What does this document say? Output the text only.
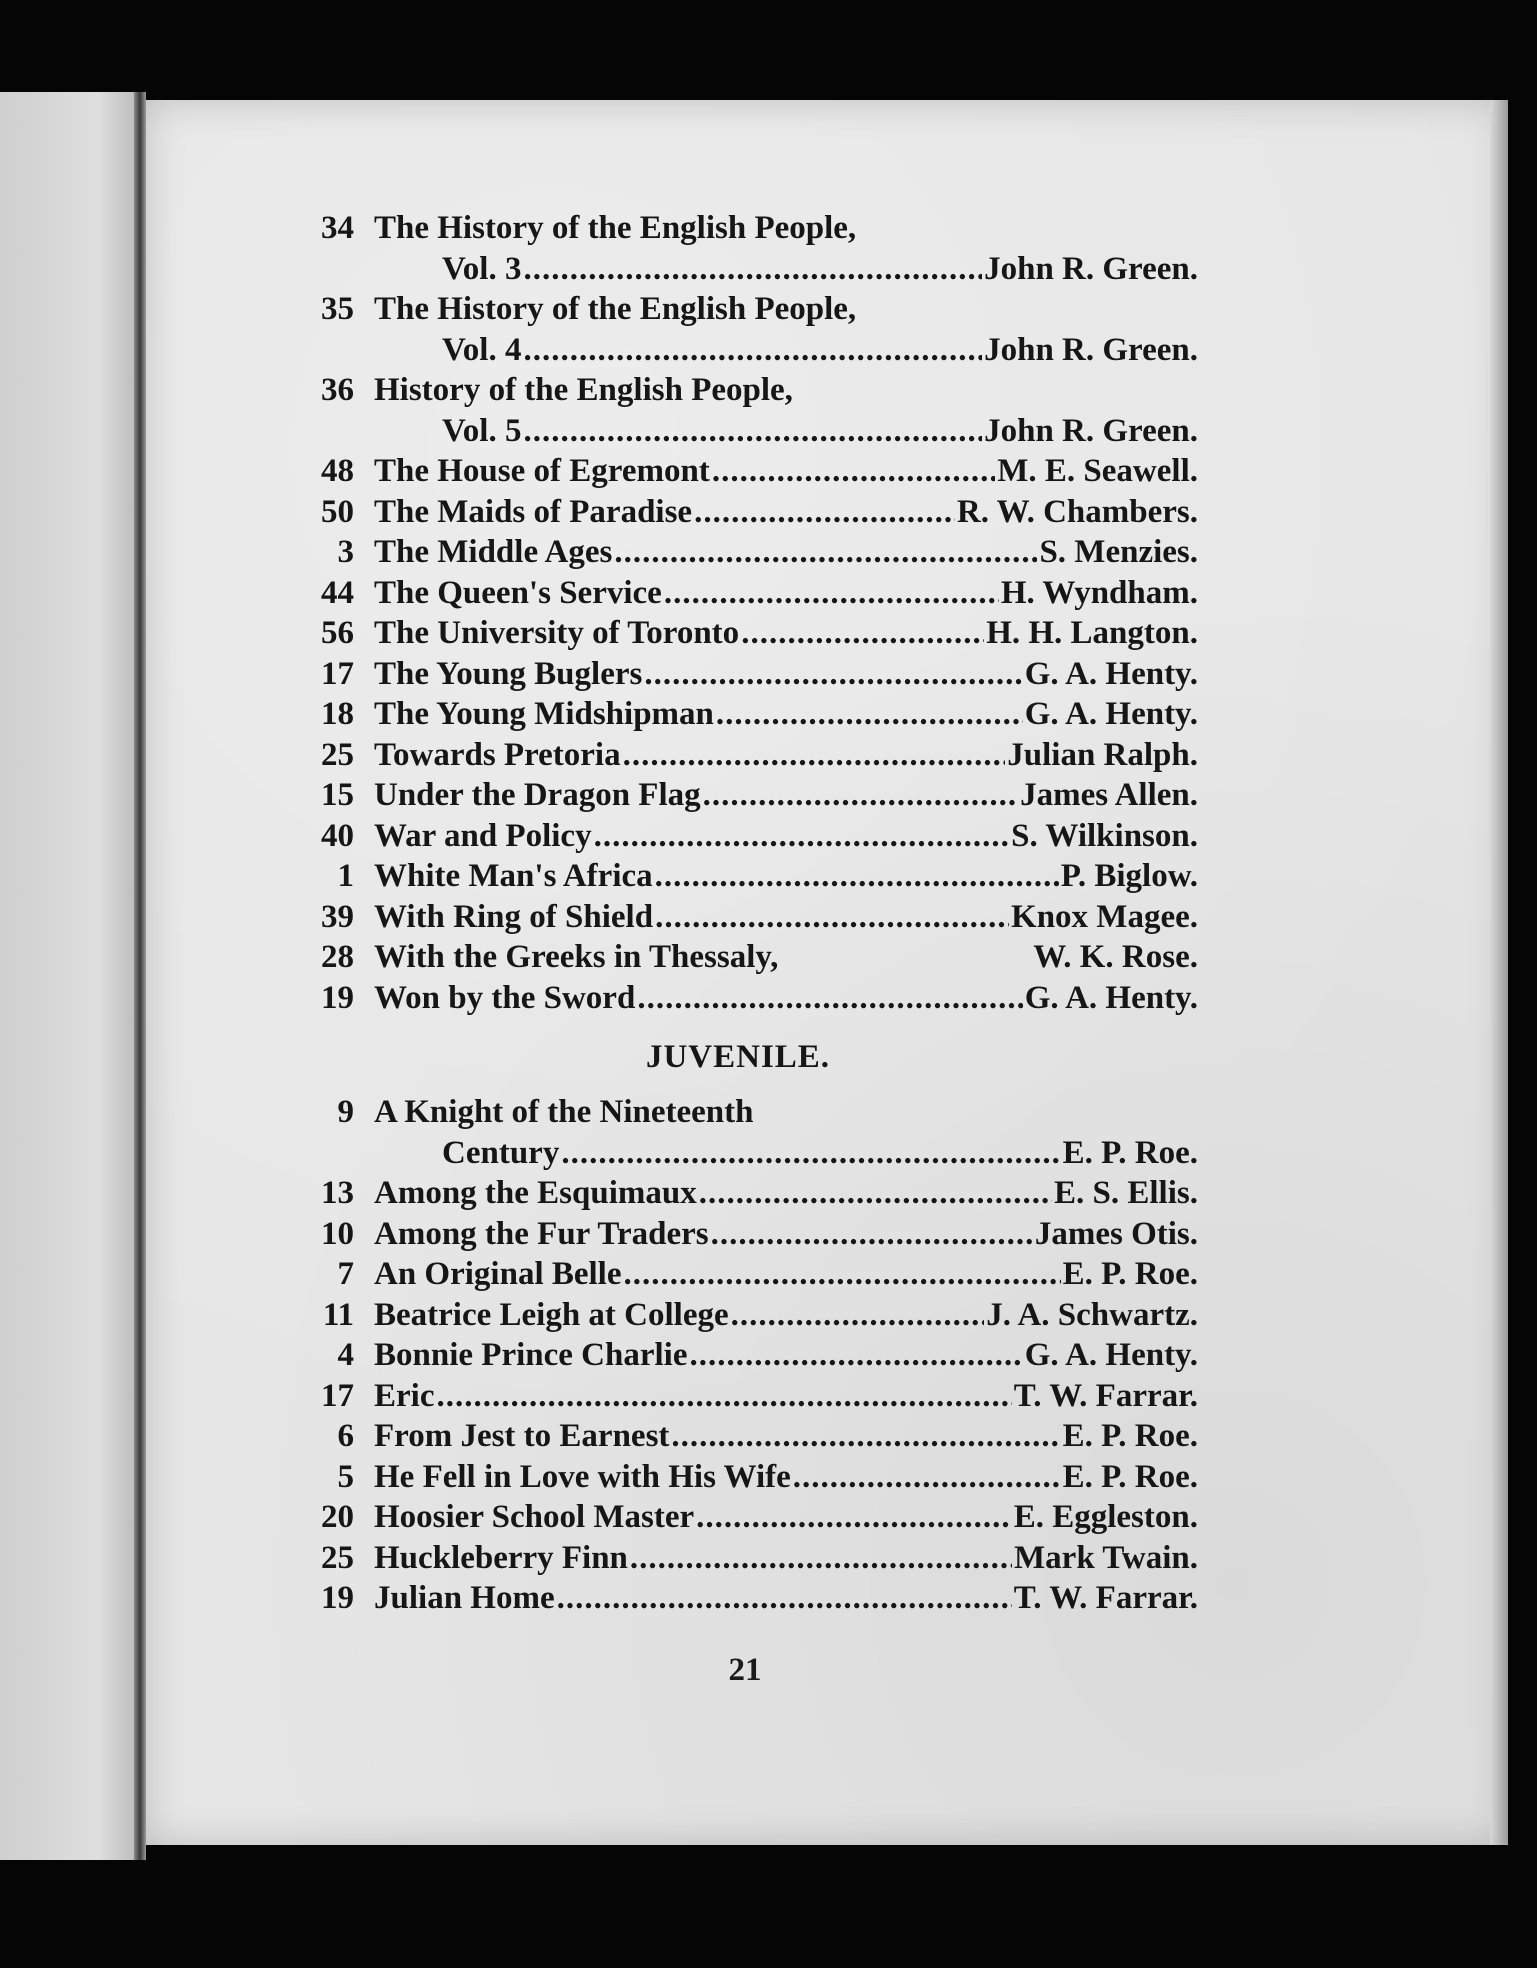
34 The History of the English People,
Vol. 3 .....	John R. Green.
35 The History of the English People,
Vol. 4 .....	John R. Green.
36 History of the English People,
Vol. 5 .....	John R. Green.
48 The House of Egremont .....	M. E. Seawell.
50 The Maids of Paradise .....	R. W. Chambers.
3 The Middle Ages .....	S. Menzies.
44 The Queen's Service .....	H. Wyndham.
56 The University of Toronto .....	H. H. Langton.
17 The Young Buglers .....	G. A. Henty.
18 The Young Midshipman .....	G. A. Henty.
25 Towards Pretoria .....	Julian Ralph.
15 Under the Dragon Flag .....	James Allen.
40 War and Policy .....	S. Wilkinson.
1 White Man's Africa .....	P. Biglow.
39 With Ring of Shield .....	Knox Magee.
28 With the Greeks in Thessaly,	W. K. Rose.
19 Won by the Sword .....	G. A. Henty.
JUVENILE.
9 A Knight of the Nineteenth
Century .....	E. P. Roe.
13 Among the Esquimaux .....	E. S. Ellis.
10 Among the Fur Traders .....	James Otis.
7 An Original Belle .....	E. P. Roe.
11 Beatrice Leigh at College .....	J. A. Schwartz.
4 Bonnie Prince Charlie .....	G. A. Henty.
17 Eric .....	T. W. Farrar.
6 From Jest to Earnest .....	E. P. Roe.
5 He Fell in Love with His Wife .....	E. P. Roe.
20 Hoosier School Master .....	E. Eggleston.
25 Huckleberry Finn .....	Mark Twain.
19 Julian Home .....	T. W. Farrar.
21
